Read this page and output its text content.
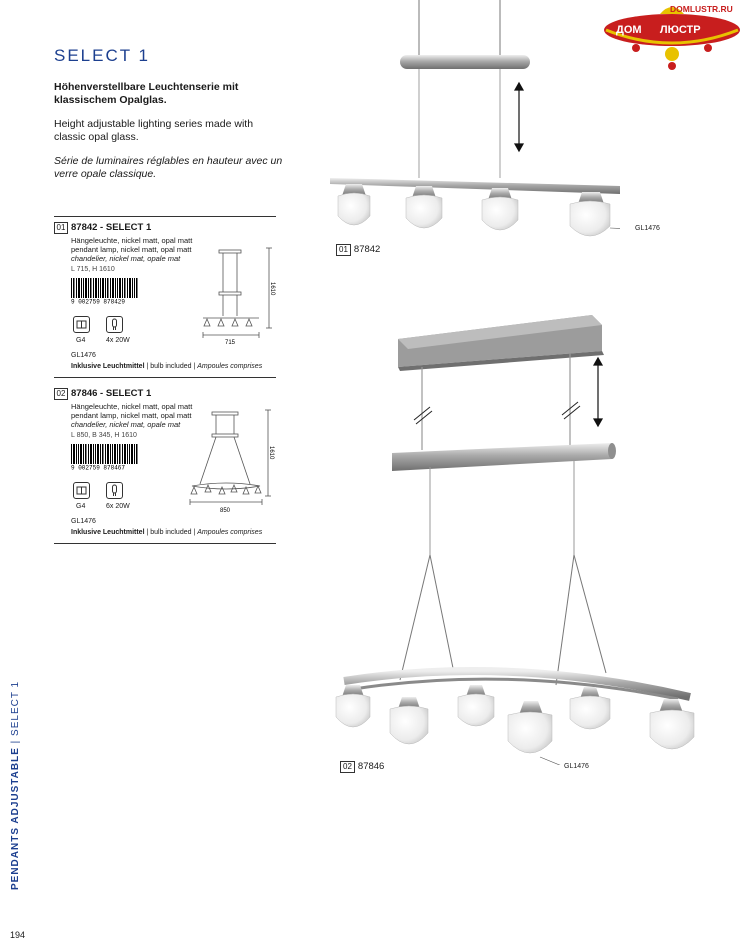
DOMLUSTR.RU
ДОМ ЛЮСТР
SELECT 1
Höhenverstellbare Leuchtenserie mit klassischem Opalglas.
Height adjustable lighting series made with classic opal glass.
Série de luminaires réglables en hauteur avec un verre opale classique.
01 87842 - SELECT 1
Hängeleuchte, nickel matt, opal matt
pendant lamp, nickel matt, opal matt
chandelier, nickel mat, opale mat
L 715, H 1610
9 002759 878429
G4	4x 20W
GL1476
Inklusive Leuchtmittel | bulb included | Ampoules comprises
1610
715
02 87846 - SELECT 1
Hängeleuchte, nickel matt, opal matt
pendant lamp, nickel matt, opal matt
chandelier, nickel mat, opale mat
L 850, B 345, H 1610
9 002759 878467
G4	6x 20W
GL1476
Inklusive Leuchtmittel | bulb included | Ampoules comprises
1610
850
GL1476
01 87842
GL1476
02 87846
PENDANTS ADJUSTABLE | SELECT 1
194
